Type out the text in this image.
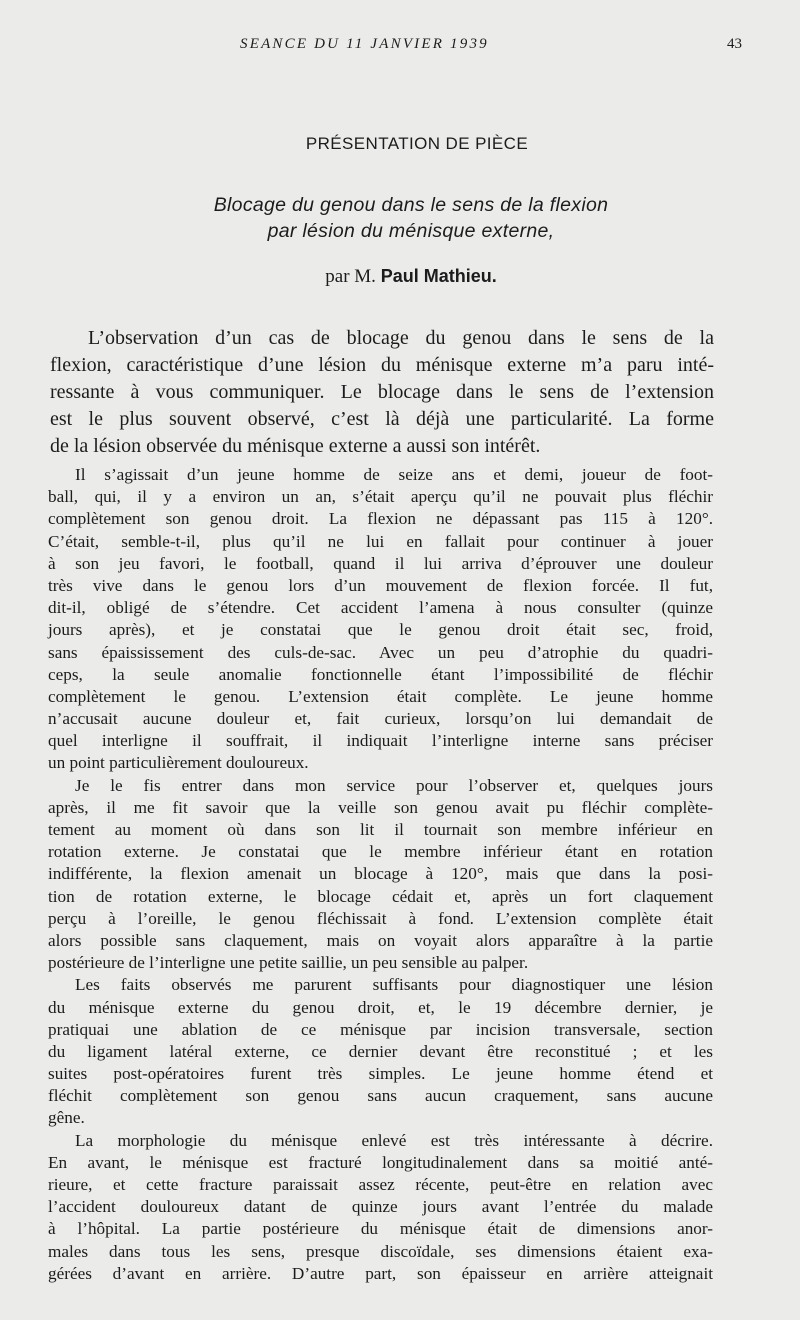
SEANCE DU 11 JANVIER 1939	43
PRÉSENTATION DE PIÈCE
Blocage du genou dans le sens de la flexion
par lésion du ménisque externe,
par M. Paul Mathieu.
L’observation d’un cas de blocage du genou dans le sens de la
flexion, caractéristique d’une lésion du ménisque externe m’a paru inté-
ressante à vous communiquer. Le blocage dans le sens de l’extension
est le plus souvent observé, c’est là déjà une particularité. La forme
de la lésion observée du ménisque externe a aussi son intérêt.
Il s’agissait d’un jeune homme de seize ans et demi, joueur de foot-
ball, qui, il y a environ un an, s’était aperçu qu’il ne pouvait plus fléchir
complètement son genou droit. La flexion ne dépassant pas 115 à 120°.
C’était, semble-t-il, plus qu’il ne lui en fallait pour continuer à jouer
à son jeu favori, le football, quand il lui arriva d’éprouver une douleur
très vive dans le genou lors d’un mouvement de flexion forcée. Il fut,
dit-il, obligé de s’étendre. Cet accident l’amena à nous consulter (quinze
jours après), et je constatai que le genou droit était sec, froid,
sans épaississement des culs-de-sac. Avec un peu d’atrophie du quadri-
ceps, la seule anomalie fonctionnelle étant l’impossibilité de fléchir
complètement le genou. L’extension était complète. Le jeune homme
n’accusait aucune douleur et, fait curieux, lorsqu’on lui demandait de
quel interligne il souffrait, il indiquait l’interligne interne sans préciser
un point particulièrement douloureux.
Je le fis entrer dans mon service pour l’observer et, quelques jours
après, il me fit savoir que la veille son genou avait pu fléchir complète-
tement au moment où dans son lit il tournait son membre inférieur en
rotation externe. Je constatai que le membre inférieur étant en rotation
indifférente, la flexion amenait un blocage à 120°, mais que dans la posi-
tion de rotation externe, le blocage cédait et, après un fort claquement
perçu à l’oreille, le genou fléchissait à fond. L’extension complète était
alors possible sans claquement, mais on voyait alors apparaître à la partie
postérieure de l’interligne une petite saillie, un peu sensible au palper.
Les faits observés me parurent suffisants pour diagnostiquer une lésion
du ménisque externe du genou droit, et, le 19 décembre dernier, je
pratiquai une ablation de ce ménisque par incision transversale, section
du ligament latéral externe, ce dernier devant être reconstitué ; et les
suites post-opératoires furent très simples. Le jeune homme étend et
fléchit complètement son genou sans aucun craquement, sans aucune
gêne.
La morphologie du ménisque enlevé est très intéressante à décrire.
En avant, le ménisque est fracturé longitudinalement dans sa moitié anté-
rieure, et cette fracture paraissait assez récente, peut-être en relation avec
l’accident douloureux datant de quinze jours avant l’entrée du malade
à l’hôpital. La partie postérieure du ménisque était de dimensions anor-
males dans tous les sens, presque discoïdale, ses dimensions étaient exa-
gérées d’avant en arrière. D’autre part, son épaisseur en arrière atteignait
